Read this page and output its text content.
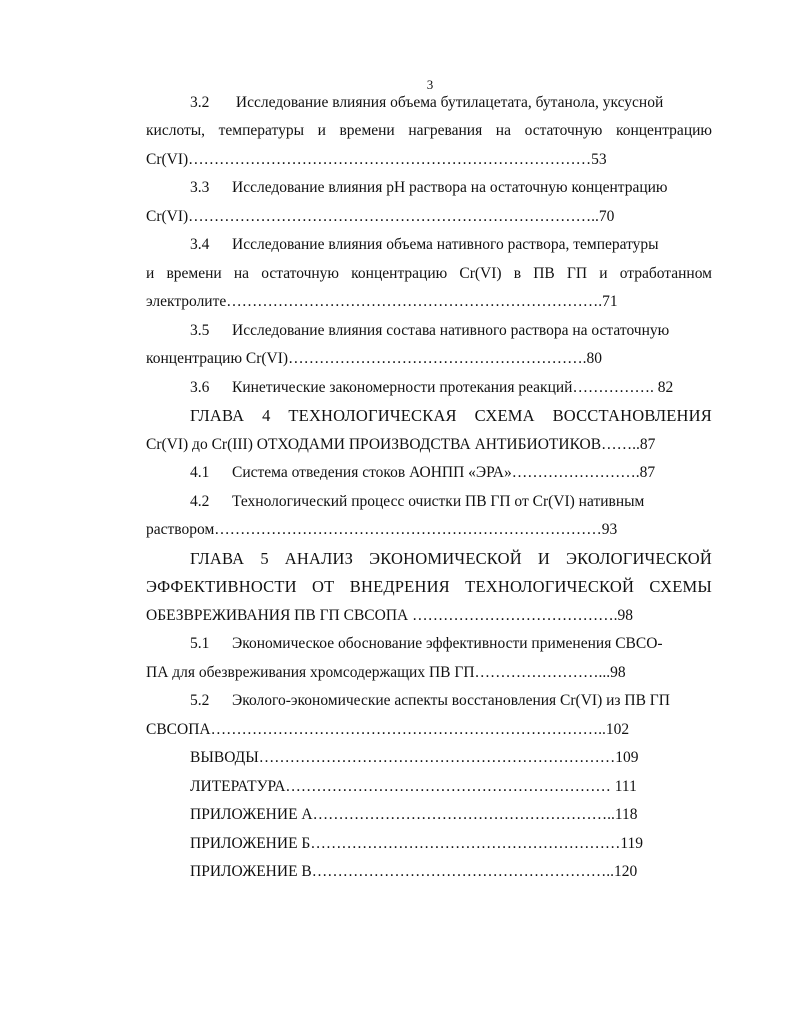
3
3.2 Исследование влияния объема бутилацетата, бутанола, уксусной
кислоты, температуры и времени нагревания на остаточную концентрацию
Cr(VI)……………………………………………………………………53
3.3 Исследование влияния pH раствора на остаточную концентрацию
Cr(VI)……………………………………………………………………..70
3.4 Исследование влияния объема нативного раствора, температуры
и времени на остаточную концентрацию Cr(VI) в ПВ ГП и отработанном
электролите……………………………………………………………….71
3.5 Исследование влияния состава нативного раствора на остаточную
концентрацию Cr(VI)………………………………………………….80
3.6 Кинетические закономерности протекания реакций……………. 82
ГЛАВА 4 ТЕХНОЛОГИЧЕСКАЯ СХЕМА ВОССТАНОВЛЕНИЯ
Cr(VI) до Cr(III) ОТХОДАМИ ПРОИЗВОДСТВА АНТИБИОТИКОВ……..87
4.1 Система отведения стоков АОНПП «ЭРА»…………………….87
4.2 Технологический процесс очистки ПВ ГП от Cr(VI) нативным
раствором…………………………………………………………………93
ГЛАВА 5 АНАЛИЗ ЭКОНОМИЧЕСКОЙ И ЭКОЛОГИЧЕСКОЙ
ЭФФЕКТИВНОСТИ ОТ ВНЕДРЕНИЯ ТЕХНОЛОГИЧЕСКОЙ СХЕМЫ
ОБЕЗВРЕЖИВАНИЯ ПВ ГП СВСОПА ………………………………….98
5.1 Экономическое обоснование эффективности применения СВСО-
ПА для обезвреживания хромсодержащих ПВ ГП……………………...98
5.2 Эколого-экономические аспекты восстановления Cr(VI) из ПВ ГП
СВСОПА…………………………………………………………………..102
ВЫВОДЫ……………………………………………………………109
ЛИТЕРАТУРА……………………………………………………… 111
ПРИЛОЖЕНИЕ А…………………………………………………..118
ПРИЛОЖЕНИЕ Б……………………………………………………119
ПРИЛОЖЕНИЕ В…………………………………………………..120
